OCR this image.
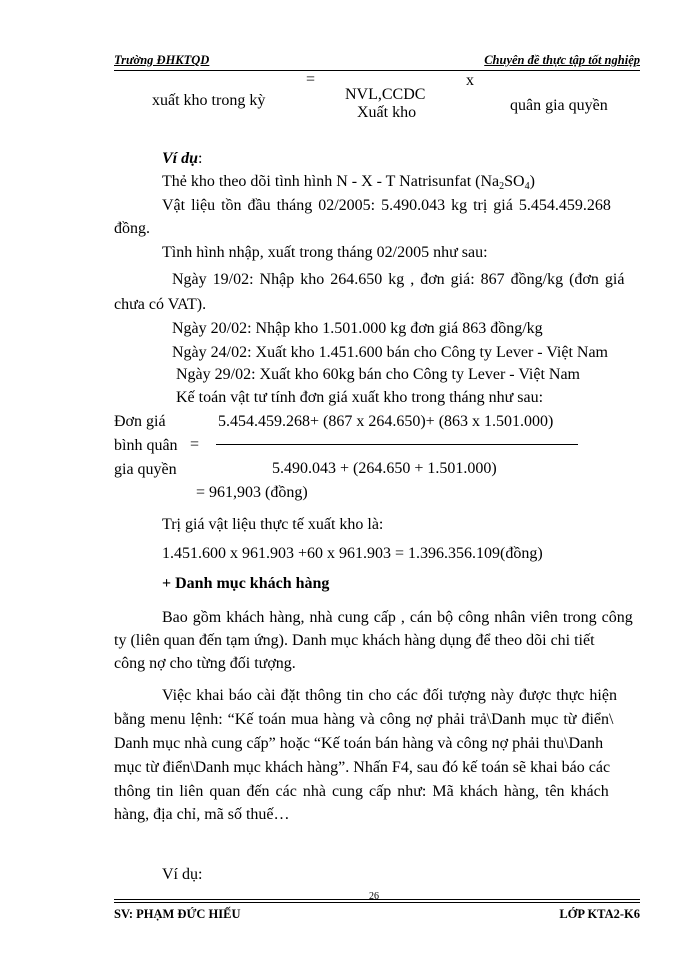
Trường ĐHKTQD	Chuyên đề thực tập tốt nghiệp
=	x
xuất kho trong kỳ	NVL,CCDC
Xuất kho	quân gia quyền
Ví dụ:
Thẻ kho theo dõi tình hình N - X - T Natrisunfat $(Na_2SO_4)$
Vật liệu tồn đầu tháng 02/2005: 5.490.043 kg trị giá 5.454.459.268
đồng.
Tình hình nhập, xuất trong tháng 02/2005 như sau:
Ngày 19/02: Nhập kho 264.650 kg , đơn giá: 867 đồng/kg (đơn giá
chưa có VAT).
Ngày 20/02: Nhập kho 1.501.000 kg đơn giá 863 đồng/kg
Ngày 24/02: Xuất kho 1.451.600 bán cho Công ty Lever - Việt Nam
Ngày 29/02: Xuất kho 60kg bán cho Công ty Lever - Việt Nam
Kế toán vật tư tính đơn giá xuất kho trong tháng như sau:
Đơn giá
bình quân
gia quyền
=
5.454.459.268+ (867 x 264.650)+ (863 x 1.501.000)
5.490.043 + (264.650 + 1.501.000)
= 961,903 (đồng)
Trị giá vật liệu thực tế xuất kho là:
1.451.600 x 961.903 +60 x 961.903 = 1.396.356.109(đồng)
+ Danh mục khách hàng
Bao gồm khách hàng, nhà cung cấp , cán bộ công nhân viên trong công
ty (liên quan đến tạm ứng). Danh mục khách hàng dụng để theo dõi chi tiết
công nợ cho từng đối tượng.
Việc khai báo cài đặt thông tin cho các đối tượng này được thực hiện
bằng menu lệnh: “Kế toán mua hàng và công nợ phải trả\Danh mục từ điển\
Danh mục nhà cung cấp” hoặc “Kế toán bán hàng và công nợ phải thu\Danh
mục từ điển\Danh mục khách hàng”. Nhấn F4, sau đó kế toán sẽ khai báo các
thông tin liên quan đến các nhà cung cấp như: Mã khách hàng, tên khách
hàng, địa chỉ, mã số thuế…
Ví dụ:
26
SV: PHẠM ĐỨC HIẾU	LỚP KTA2-K6
